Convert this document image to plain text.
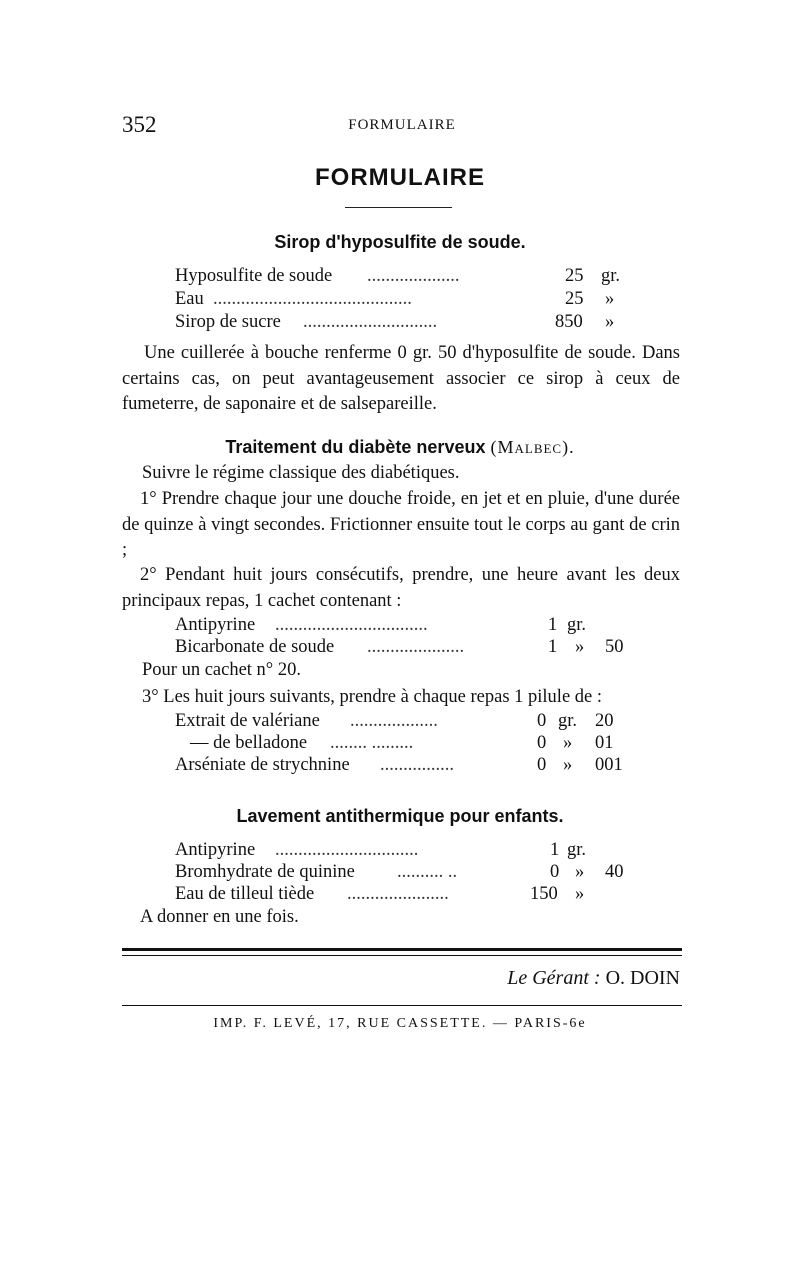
352	FORMULAIRE
FORMULAIRE
Sirop d'hyposulfite de soude.
Hyposulfite de soude ....................	25 gr.
Eau ...........................................	25 »
Sirop de sucre .............................	850 »
Une cuillerée à bouche renferme 0 gr. 50 d'hyposulfite de soude. Dans certains cas, on peut avantageusement associer ce sirop à ceux de fumeterre, de saponaire et de salsepareille.
Traitement du diabète nerveux (Malbec).
Suivre le régime classique des diabétiques.
1° Prendre chaque jour une douche froide, en jet et en pluie, d'une durée de quinze à vingt secondes. Frictionner ensuite tout le corps au gant de crin ;
2° Pendant huit jours consécutifs, prendre, une heure avant les deux principaux repas, 1 cachet contenant :
Antipyrine .................................	1 gr.
Bicarbonate de soude .....................	1 » 50
Pour un cachet n° 20.
3° Les huit jours suivants, prendre à chaque repas 1 pilule de :
Extrait de valériane ...................	0 gr. 20
— de belladone ........ .........	0 » 01
Arséniate de strychnine ................	0 » 001
Lavement antithermique pour enfants.
Antipyrine ...............................	1 gr.
Bromhydrate de quinine .......... ..	0 » 40
Eau de tilleul tiède ......................	150 »
A donner en une fois.
Le Gérant : O. DOIN
IMP. F. LEVÉ, 17, RUE CASSETTE. — PARIS-6e
